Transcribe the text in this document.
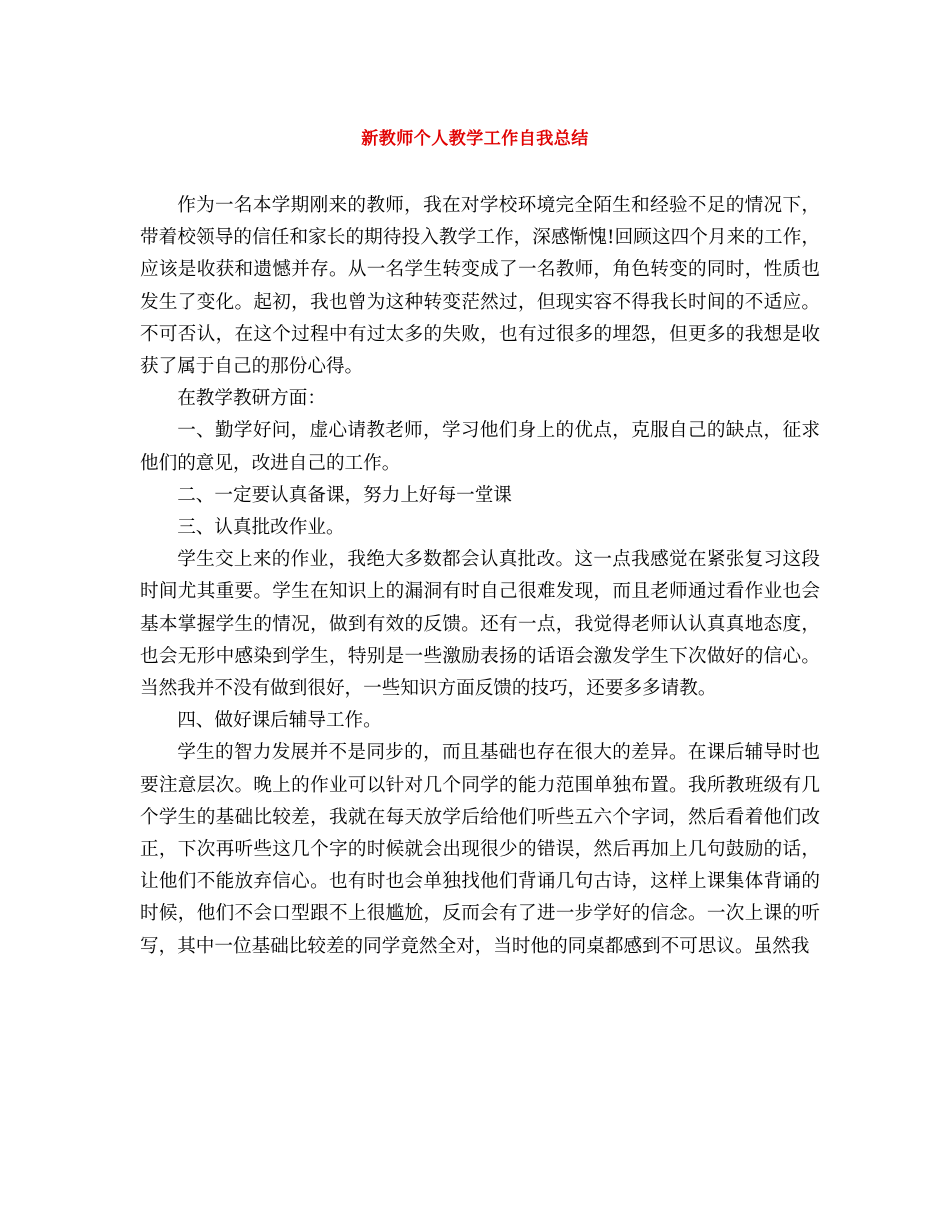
新教师个人教学工作自我总结

作为一名本学期刚来的教师，我在对学校环境完全陌生和经验不足的情况下，带着校领导的信任和家长的期待投入教学工作，深感惭愧!回顾这四个月来的工作，应该是收获和遗憾并存。从一名学生转变成了一名教师，角色转变的同时，性质也发生了变化。起初，我也曾为这种转变茫然过，但现实容不得我长时间的不适应。不可否认，在这个过程中有过太多的失败，也有过很多的埋怨，但更多的我想是收获了属于自己的那份心得。

在教学教研方面：

一、勤学好问，虚心请教老师，学习他们身上的优点，克服自己的缺点，征求他们的意见，改进自己的工作。

二、一定要认真备课，努力上好每一堂课

三、认真批改作业。

学生交上来的作业，我绝大多数都会认真批改。这一点我感觉在紧张复习这段时间尤其重要。学生在知识上的漏洞有时自己很难发现，而且老师通过看作业也会基本掌握学生的情况，做到有效的反馈。还有一点，我觉得老师认认真真地态度，也会无形中感染到学生，特别是一些激励表扬的话语会激发学生下次做好的信心。当然我并不没有做到很好，一些知识方面反馈的技巧，还要多多请教。

四、做好课后辅导工作。

学生的智力发展并不是同步的，而且基础也存在很大的差异。在课后辅导时也要注意层次。晚上的作业可以针对几个同学的能力范围单独布置。我所教班级有几个学生的基础比较差，我就在每天放学后给他们听些五六个字词，然后看着他们改正，下次再听些这几个字的时候就会出现很少的错误，然后再加上几句鼓励的话，让他们不能放弃信心。也有时也会单独找他们背诵几句古诗，这样上课集体背诵的时候，他们不会口型跟不上很尴尬，反而会有了进一步学好的信念。一次上课的听写，其中一位基础比较差的同学竟然全对，当时他的同桌都感到不可思议。虽然我
